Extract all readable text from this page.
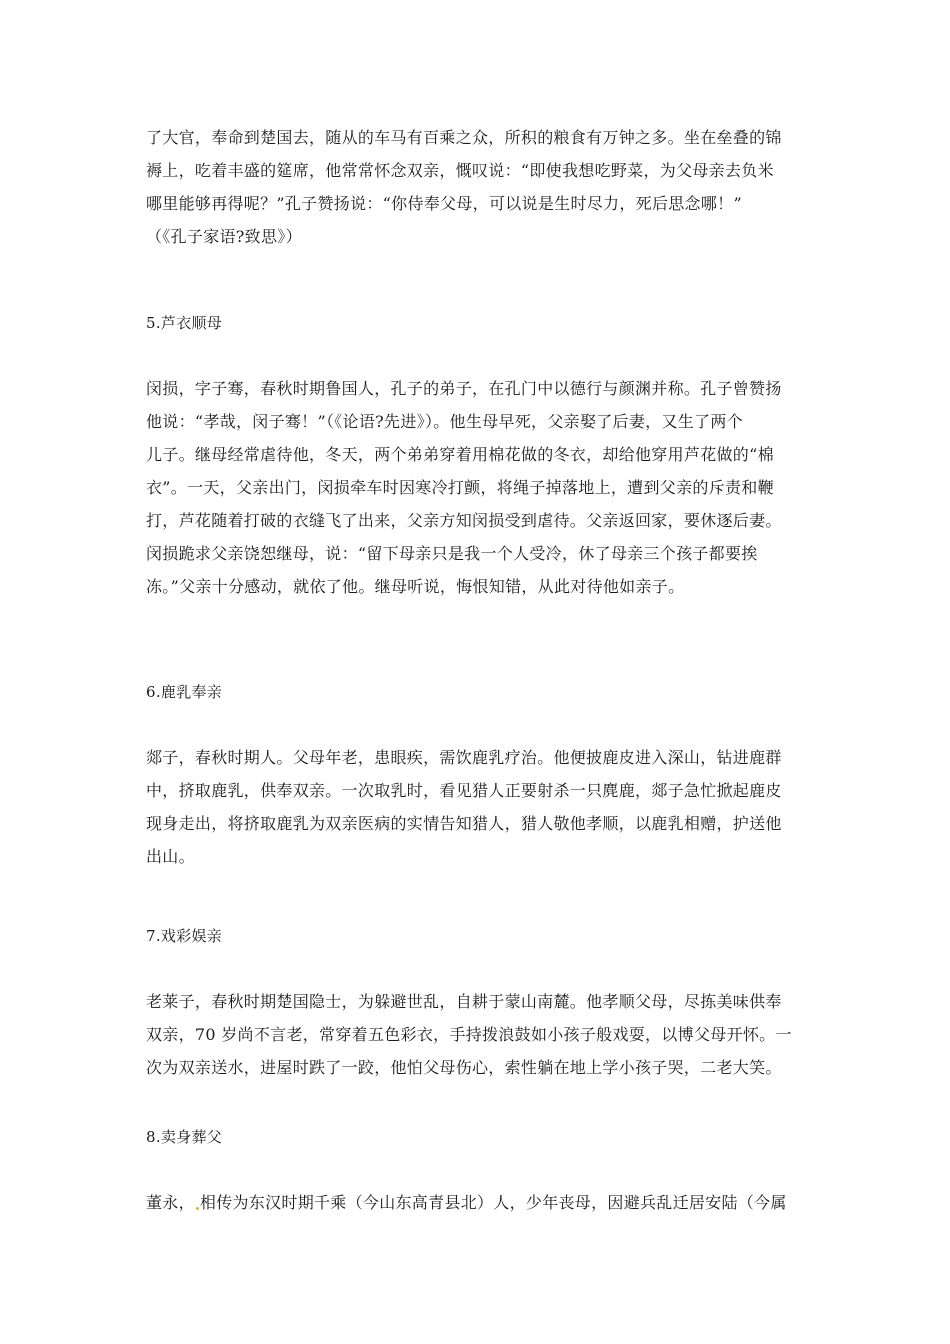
了大官，奉命到楚国去，随从的车马有百乘之众，所积的粮食有万钟之多。坐在垒叠的锦
褥上，吃着丰盛的筵席，他常常怀念双亲，慨叹说：“即使我想吃野菜，为父母亲去负米
哪里能够再得呢？”孔子赞扬说：“你侍奉父母，可以说是生时尽力，死后思念哪！”
（《孔子家语?致思》）
5.芦衣顺母
闵损，字子骞，春秋时期鲁国人，孔子的弟子，在孔门中以德行与颜渊并称。孔子曾赞扬
他说：“孝哉，闵子骞！”（《论语?先进》）。他生母早死，父亲娶了后妻，又生了两个
儿子。继母经常虐待他，冬天，两个弟弟穿着用棉花做的冬衣，却给他穿用芦花做的“棉
衣”。一天，父亲出门，闵损牵车时因寒冷打颤，将绳子掉落地上，遭到父亲的斥责和鞭
打，芦花随着打破的衣缝飞了出来，父亲方知闵损受到虐待。父亲返回家，要休逐后妻。
闵损跪求父亲饶恕继母，说：“留下母亲只是我一个人受冷，休了母亲三个孩子都要挨
冻。”父亲十分感动，就依了他。继母听说，悔恨知错，从此对待他如亲子。
6.鹿乳奉亲
郯子，春秋时期人。父母年老，患眼疾，需饮鹿乳疗治。他便披鹿皮进入深山，钻进鹿群
中，挤取鹿乳，供奉双亲。一次取乳时，看见猎人正要射杀一只麂鹿，郯子急忙掀起鹿皮
现身走出，将挤取鹿乳为双亲医病的实情告知猎人，猎人敬他孝顺，以鹿乳相赠，护送他
出山。
7.戏彩娱亲
老莱子，春秋时期楚国隐士，为躲避世乱，自耕于蒙山南麓。他孝顺父母，尽拣美味供奉
双亲，70 岁尚不言老，常穿着五色彩衣，手持拨浪鼓如小孩子般戏耍，以博父母开怀。一
次为双亲送水，进屋时跌了一跤，他怕父母伤心，索性躺在地上学小孩子哭，二老大笑。
8.卖身葬父
董永， 相传为东汉时期千乘（今山东高青县北）人，少年丧母，因避兵乱迁居安陆（今属
